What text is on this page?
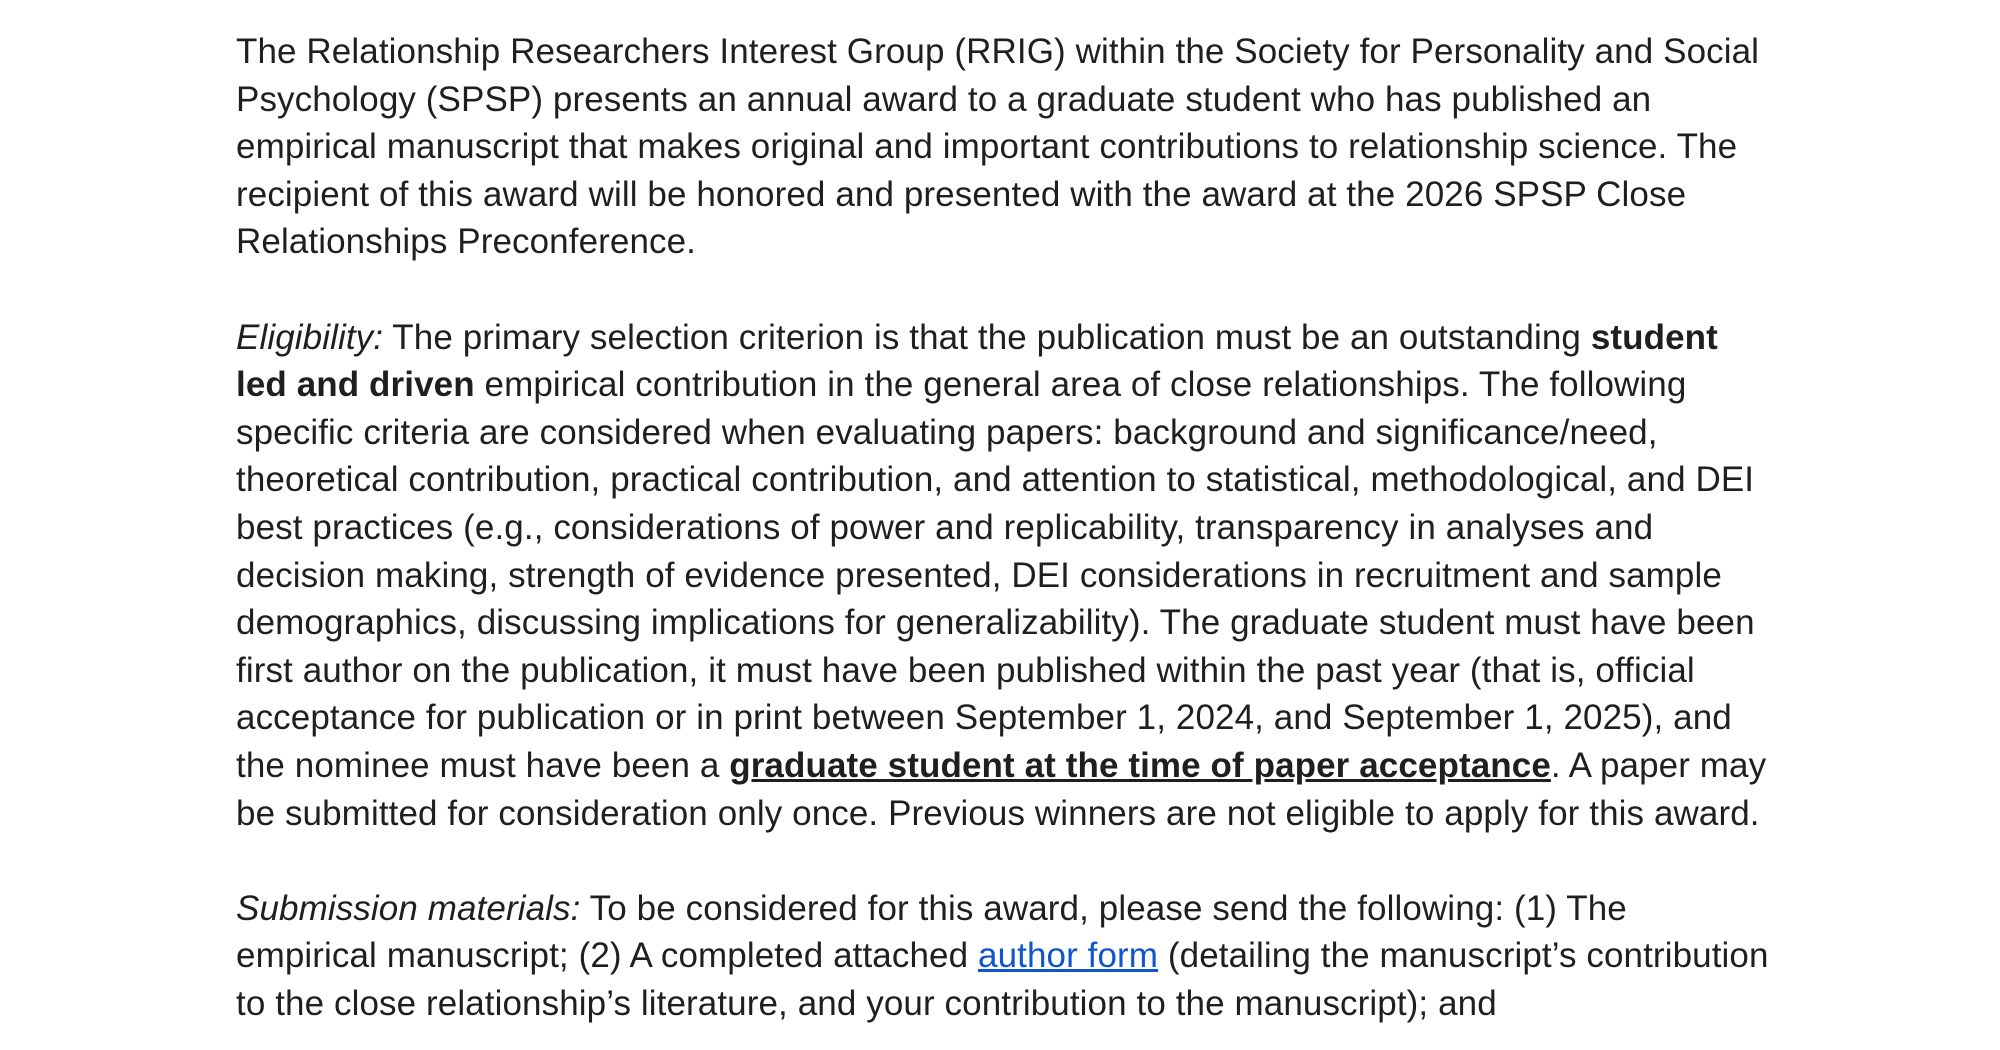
The Relationship Researchers Interest Group (RRIG) within the Society for Personality and Social Psychology (SPSP) presents an annual award to a graduate student who has published an empirical manuscript that makes original and important contributions to relationship science. The recipient of this award will be honored and presented with the award at the 2026 SPSP Close Relationships Preconference.

Eligibility: The primary selection criterion is that the publication must be an outstanding student led and driven empirical contribution in the general area of close relationships. The following specific criteria are considered when evaluating papers: background and significance/need, theoretical contribution, practical contribution, and attention to statistical, methodological, and DEI best practices (e.g., considerations of power and replicability, transparency in analyses and decision making, strength of evidence presented, DEI considerations in recruitment and sample demographics, discussing implications for generalizability). The graduate student must have been first author on the publication, it must have been published within the past year (that is, official acceptance for publication or in print between September 1, 2024, and September 1, 2025), and the nominee must have been a graduate student at the time of paper acceptance. A paper may be submitted for consideration only once. Previous winners are not eligible to apply for this award.

Submission materials: To be considered for this award, please send the following: (1) The empirical manuscript; (2) A completed attached author form (detailing the manuscript’s contribution to the close relationship’s literature, and your contribution to the manuscript); and
